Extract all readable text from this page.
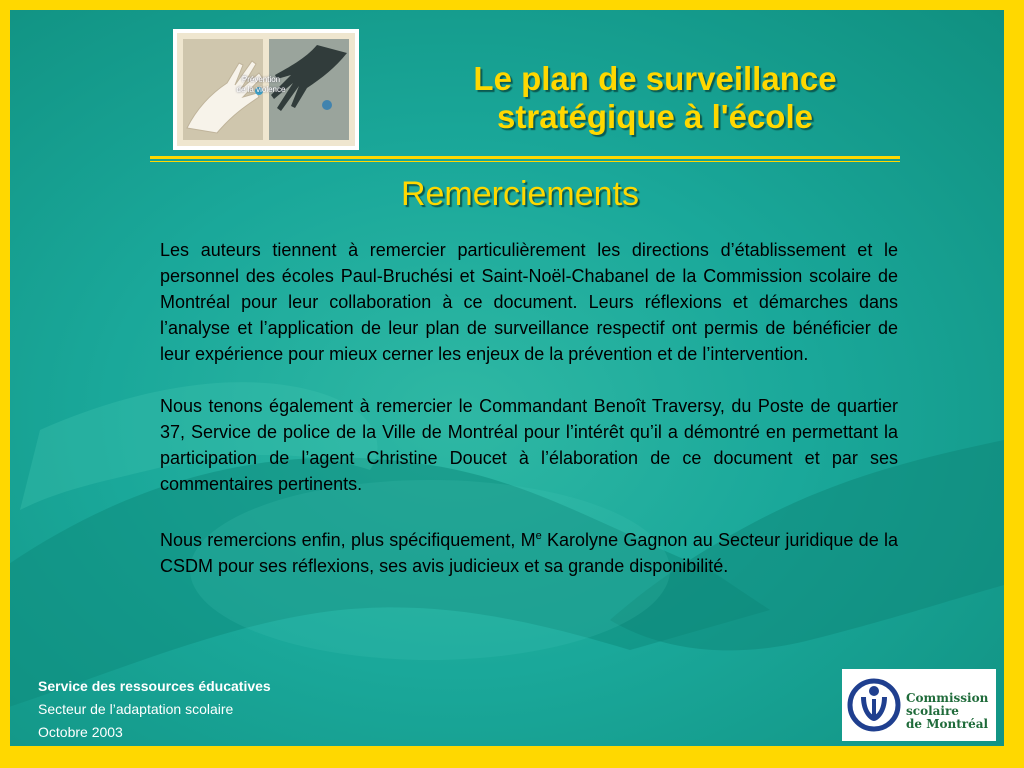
Prévention
de la violence	Le plan de surveillance
stratégique à l'école
Remerciements

Les auteurs tiennent à remercier particulièrement les directions d’établissement et le personnel des écoles Paul-Bruchési et Saint-Noël-Chabanel de la Commission scolaire de Montréal pour leur collaboration à ce document. Leurs réflexions et démarches dans l’analyse et l’application de leur plan de surveillance respectif ont permis de bénéficier de leur expérience pour mieux cerner les enjeux de la prévention et de l’intervention.

Nous tenons également à remercier le Commandant Benoît Traversy, du Poste de quartier 37, Service de police de la Ville de Montréal pour l’intérêt qu’il a démontré en permettant la participation de l’agent Christine Doucet à l’élaboration de ce document et par ses commentaires pertinents.

Nous remercions enfin, plus spécifiquement, Me Karolyne Gagnon au Secteur juridique de la CSDM pour ses réflexions, ses avis judicieux et sa grande disponibilité.

Service des ressources éducatives
Secteur de l’adaptation scolaire
Octobre 2003
Commission
scolaire
de Montréal
